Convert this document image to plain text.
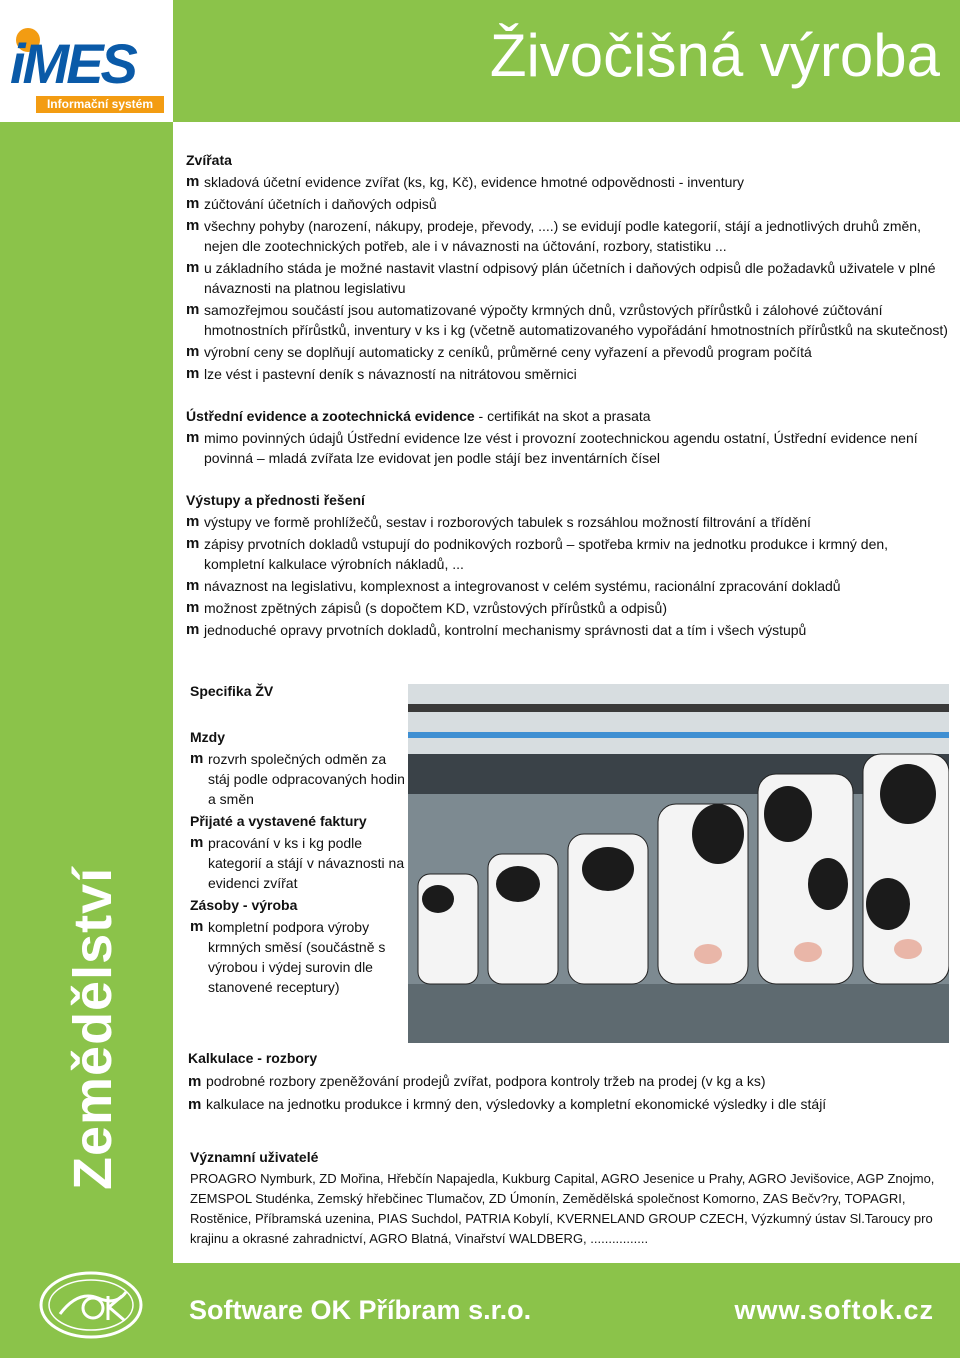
iMES
Informační systém
Živočišná výroba
Zemědělství

Zvířata

m skladová účetní evidence zvířat (ks, kg, Kč), evidence hmotné odpovědnosti - inventury
m zúčtování účetních i daňových odpisů
m všechny pohyby (narození, nákupy, prodeje, převody, ....) se evidují podle kategorií, stájí a jednotlivých druhů změn, nejen dle zootechnických potřeb, ale i v návaznosti na účtování, rozbory, statistiku ...
m u základního stáda je možné nastavit vlastní odpisový plán účetních i daňových odpisů dle požadavků uživatele v plné návaznosti na platnou legislativu
m samozřejmou součástí jsou automatizované výpočty krmných dnů, vzrůstových přírůstků i zálohové zúčtování hmotnostních přírůstků, inventury v ks i kg (včetně automatizovaného vypořádání hmotnostních přírůstků na skutečnost)
m výrobní ceny se doplňují automaticky z ceníků, průměrné ceny vyřazení a převodů program počítá
m lze vést i pastevní deník s návazností na nitrátovou směrnici

Ústřední evidence a zootechnická evidence - certifikát na skot a prasata

m mimo povinných údajů Ústřední evidence lze vést i provozní zootechnickou agendu ostatní, Ústřední evidence není povinná – mladá zvířata lze evidovat jen podle stájí bez inventárních čísel

Výstupy a přednosti řešení

m výstupy ve formě prohlížečů, sestav i rozborových tabulek s rozsáhlou možností filtrování a třídění
m zápisy prvotních dokladů vstupují do podnikových rozborů – spotřeba krmiv na jednotku produkce i krmný den, kompletní kalkulace výrobních nákladů, ...
m návaznost na legislativu, komplexnost a integrovanost v celém systému, racionální zpracování dokladů
m možnost zpětných zápisů (s dopočtem KD, vzrůstových přírůstků a odpisů)
m jednoduché opravy prvotních dokladů, kontrolní mechanismy správnosti dat a tím i všech výstupů
Specifika ŽV

Mzdy

m rozvrh společných odměn za stáj podle odpracovaných hodin a směn

Přijaté a vystavené faktury

m pracování v ks i kg podle kategorií a stájí v návaznosti na evidenci zvířat

Zásoby - výroba

m kompletní podpora výroby krmných směsí (součástně s výrobou i výdej surovin dle stanovené receptury)

Kalkulace - rozbory

m podrobné rozbory zpeněžování prodejů zvířat, podpora kontroly tržeb na prodej (v kg a ks)
m kalkulace na jednotku produkce i krmný den, výsledovky a kompletní ekonomické výsledky i dle stájí

Významní uživatelé

PROAGRO Nymburk, ZD Mořina, Hřebčín Napajedla, Kukburg Capital, AGRO Jesenice u Prahy, AGRO Jevišovice, AGP Znojmo, ZEMSPOL Studénka, Zemský hřebčinec Tlumačov, ZD Úmonín, Zemědělská společnost Komorno, ZAS Bečv?ry, TOPAGRI, Rostěnice, Příbramská uzenina, PIAS Suchdol, PATRIA Kobylí, KVERNELAND GROUP CZECH, Výzkumný ústav Sl.Taroucy pro krajinu a okrasné zahradnictví, AGRO Blatná, Vinařství WALDBERG, ................

Software OK Příbram s.r.o.	www.softok.cz
